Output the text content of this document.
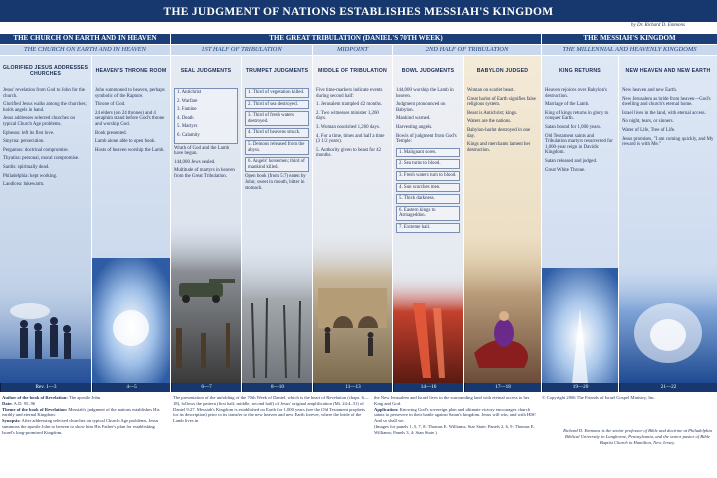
THE JUDGMENT OF NATIONS ESTABLISHES MESSIAH'S KINGDOM
by Dr. Richard D. Emmons
THE CHURCH ON EARTH AND IN HEAVEN	THE GREAT TRIBULATION (DANIEL'S 70TH WEEK)	THE MESSIAH'S KINGDOM
THE CHURCH ON EARTH AND IN HEAVEN	1ST HALF OF TRIBULATION	MIDPOINT	2ND HALF OF TRIBULATION	THE MILLENNIAL AND HEAVENLY KINGDOMS
GLORIFIED JESUS ADDRESSES CHURCHES

Jesus' revelation from God to John for the church.

Glorified Jesus walks among the churches; holds angels in hand.

Jesus addresses selected churches on typical Church Age problems.

Ephesus: left its first love.

Smyrna: persecution.

Pergamos: doctrinal compromise.

Thyatira: personal, moral compromise.

Sardis: spiritually dead.

Philadelphia: kept working.

Laodicea: lukewarm.

HEAVEN'S THRONE ROOM

John summoned to heaven, perhaps symbolic of the Rapture.

Throne of God.

24 elders (on 24 thrones) and 4 seraphim stand before God's throne and worship God.

Book presented.

Lamb alone able to open book.

Hosts of heaven worship the Lamb.

SEAL JUDGMENTS

1. Antichrist

2. Warfare

3. Famine

4. Death

5. Martyrs

6. Calamity

Wrath of God and the Lamb have begun.

144,000 Jews sealed.

Multitude of martyrs in heaven from the Great Tribulation.

TRUMPET JUDGMENTS

1. Third of vegetation killed.

2. Third of sea destroyed.

3. Third of fresh waters destroyed.

4. Third of heavens struck.

5. Demons released from the abyss.

6. Angels' horsemen; third of mankind killed.

Open book (from 5:7) eaten by John; sweet in mouth, bitter in stomach.

MIDDLE OF TRIBULATION

Five time-markers indicate events during second half:

1. Jerusalem trampled 42 months.

2. Two witnesses minister 1,260 days.

3. Woman nourished 1,260 days.

4. For a time, times and half a time (3 1/2 years).

5. Authority given to beast for 42 months.

BOWL JUDGMENTS

144,000 worship the Lamb in heaven.

Judgment pronounced on Babylon.

Mankind warned.

Harvesting angels.

Bowls of judgment from God's Temple:

1. Malignant sores.

2. Sea turns to blood.

3. Fresh waters turn to blood.

4. Sun scorches men.

5. Thick darkness.

6. Eastern kings to Armageddon.

7. Extreme hail.

BABYLON JUDGED

Woman on scarlet beast.

Great harlot of Earth signifies false religious system.

Beast is Antichrist; kings.

Waters are the nations.

Babylon-harlot destroyed in one day.

Kings and merchants lament her destruction.

KING RETURNS

Heaven rejoices over Babylon's destruction.

Marriage of the Lamb.

King of kings returns in glory to conquer Earth.

Satan bound for 1,000 years.

Old Testament saints and Tribulation martyrs resurrected for 1,000-year reign in Davidic Kingdom.

Satan released and judged.

Great White Throne.

NEW HEAVEN AND NEW EARTH

New heaven and new Earth.

New Jerusalem as bride from heaven—God's dwelling and church's eternal home.

Israel lives in the land, with eternal access.

No night, tears, or sinners.

Water of Life, Tree of Life.

Jesus promises, "I am coming quickly, and My reward is with Me."

Rev. 1—3	4—5	6—7	8—10	11—13	14—16	17—18	19—20	21—22
Author of the book of Revelation: The apostle John
Date: A.D. 95–96
Theme of the book of Revelation: Messiah's judgment of the nations establishes His earthly and eternal Kingdom.
Synopsis: After addressing selected churches on typical Church Age problems, Jesus summons the apostle John to heaven to show him His Father's plan for establishing Israel's long-promised Kingdom.
The presentation of the unfolding of the 70th Week of Daniel, which is the heart of Revelation (chaps. 6—18), follows the pattern (first half, middle, second half) of Jesus' original amplification (Mt. 24:4–31) of Daniel 9:27. Messiah's Kingdom is established on Earth for 1,000 years (see the Old Testament prophets for its description) prior to its transfer to the new heaven and new Earth forever, where the bride of the Lamb lives in
the New Jerusalem and Israel lives in the surrounding land with eternal access to her King and God.
Application: Knowing God's sovereign plan and ultimate victory encourages church saints to persevere in their battle against Satan's kingdom. Jesus will win, and with HIS! And so shall we.
(Images for panels 1, 5, 7, 8: Thomas E. Williams, Star State; Panels 2, 6, 9: Thomas E. Williams; Panels 3, 4: Stan State.)
© Copyright 2006 The Friends of Israel Gospel Ministry, Inc.
Richard D. Emmons is the senior professor of Bible and doctrine at Philadelphia Biblical University in Langhorne, Pennsylvania, and the senior pastor of Bible Baptist Church in Hamilton, New Jersey.
